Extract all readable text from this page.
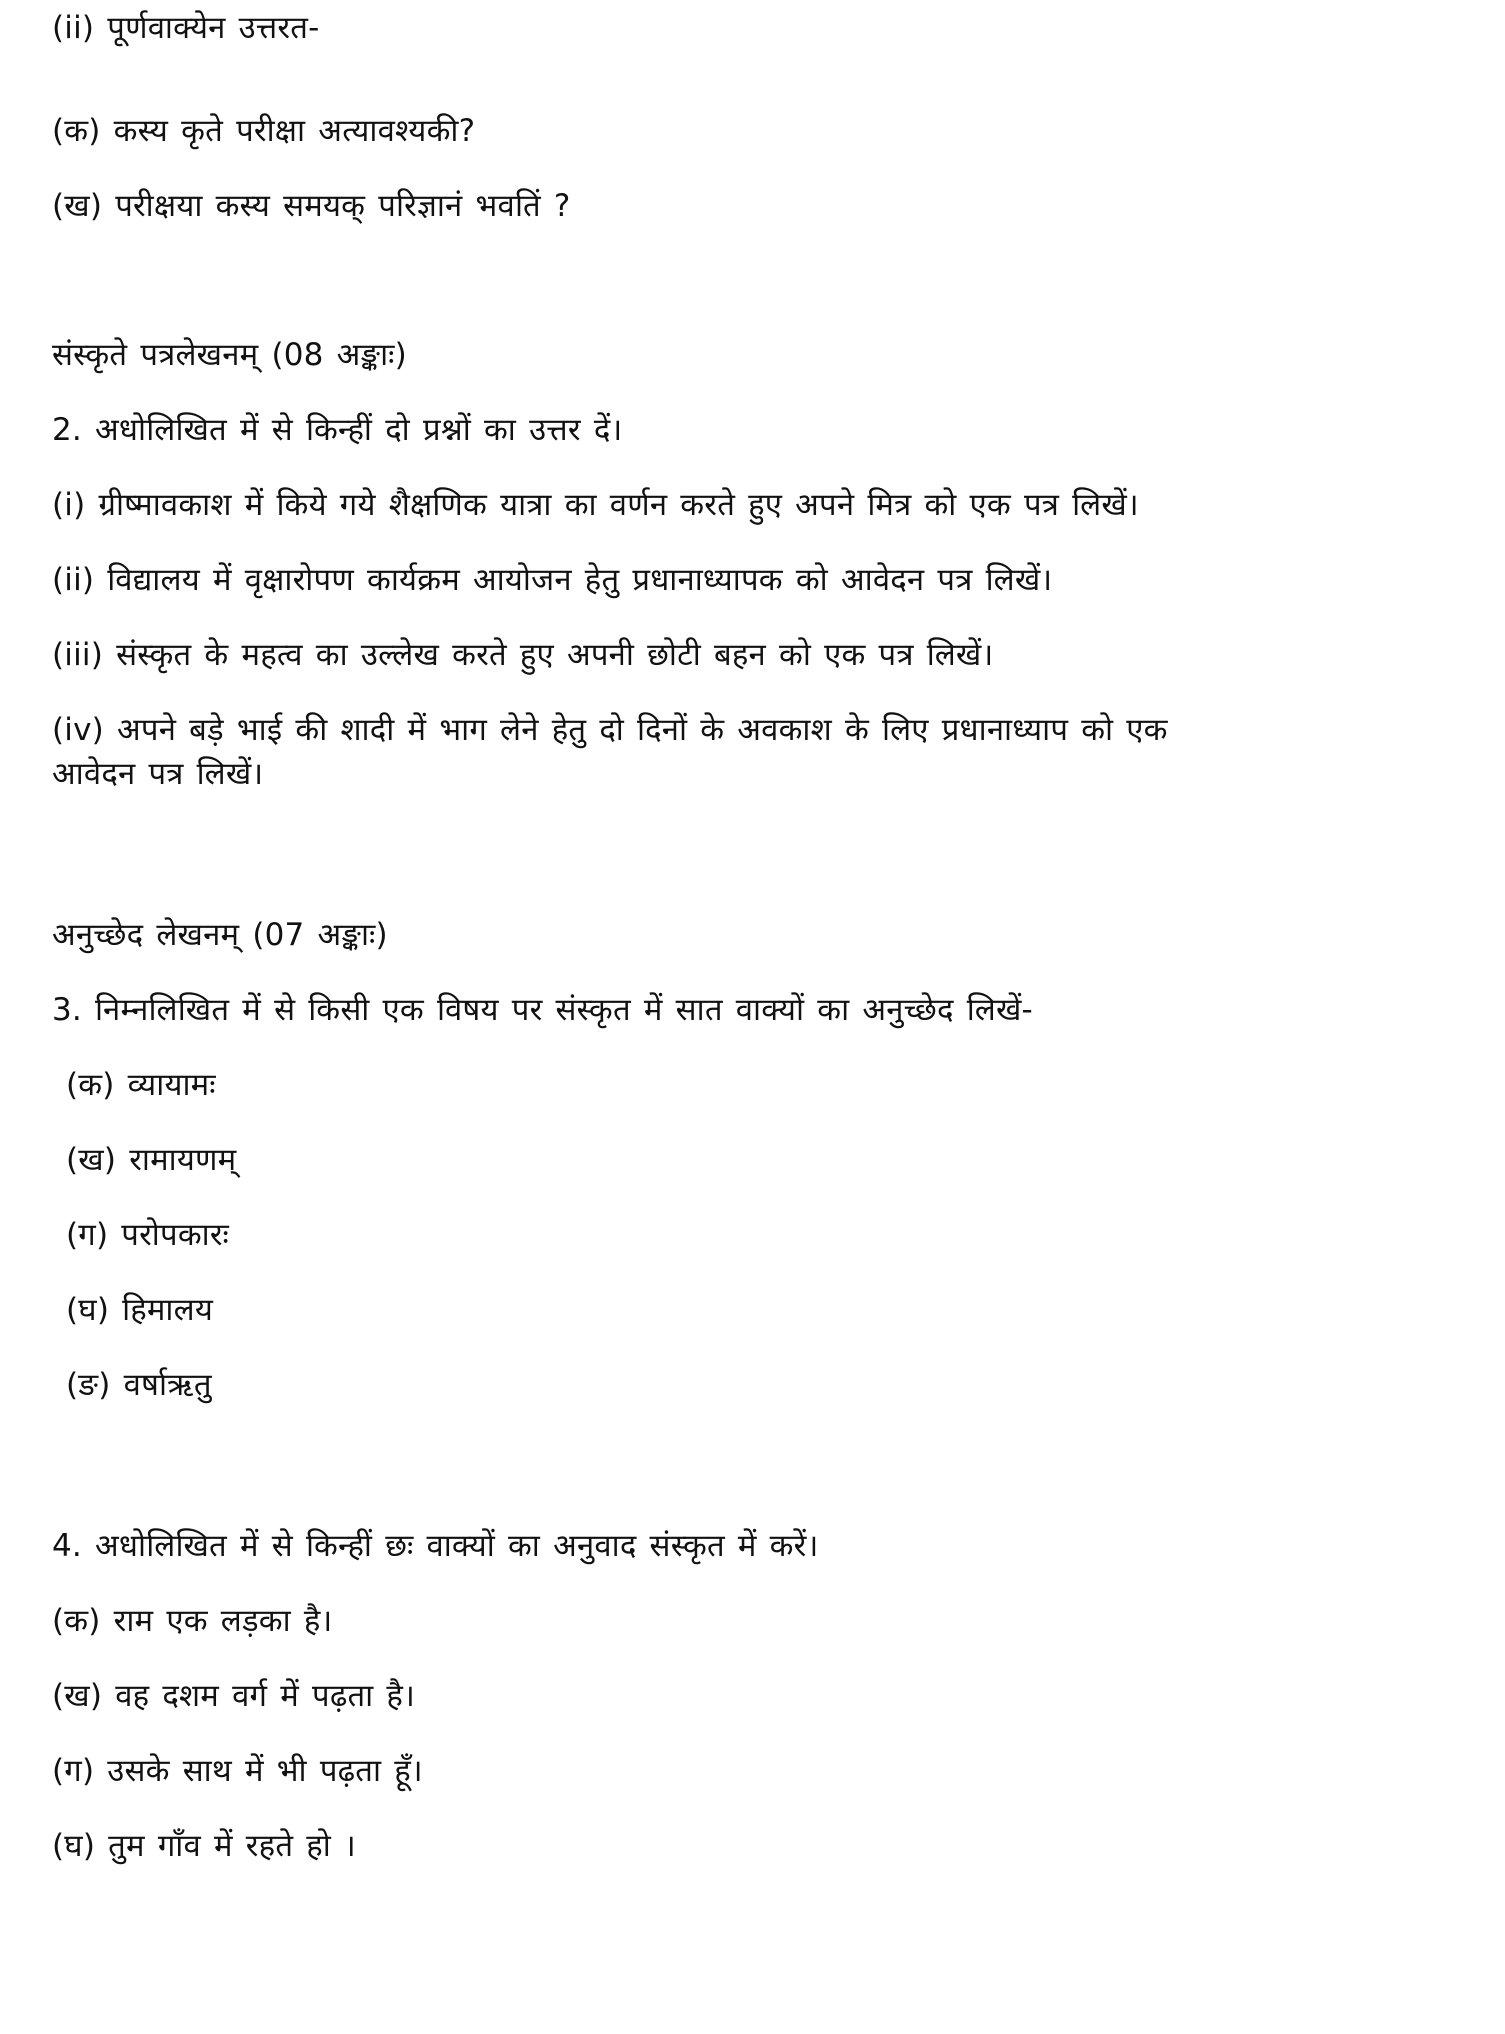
(ii) पूर्णवाक्येन उत्तरत-
(क) कस्य कृते परीक्षा अत्यावश्यकी?
(ख) परीक्षया कस्य समयक् परिज्ञानं भवतिं ?
संस्कृते पत्रलेखनम् (08 अङ्काः)
2. अधोलिखित में से किन्हीं दो प्रश्नों का उत्तर दें।
(i) ग्रीष्मावकाश में किये गये शैक्षणिक यात्रा का वर्णन करते हुए अपने मित्र को एक पत्र लिखें।
(ii) विद्यालय में वृक्षारोपण कार्यक्रम आयोजन हेतु प्रधानाध्यापक को आवेदन पत्र लिखें।
(iii) संस्कृत के महत्व का उल्लेख करते हुए अपनी छोटी बहन को एक पत्र लिखें।
(iv) अपने बड़े भाई की शादी में भाग लेने हेतु दो दिनों के अवकाश के लिए प्रधानाध्याप को एक आवेदन पत्र लिखें।
अनुच्छेद लेखनम् (07 अङ्काः)
3. निम्नलिखित में से किसी एक विषय पर संस्कृत में सात वाक्यों का अनुच्छेद लिखें-
(क) व्यायामः
(ख) रामायणम्
(ग) परोपकारः
(घ) हिमालय
(ङ) वर्षाऋतु
4. अधोलिखित में से किन्हीं छः वाक्यों का अनुवाद संस्कृत में करें।
(क) राम एक लड़का है।
(ख) वह दशम वर्ग में पढ़ता है।
(ग) उसके साथ में भी पढ़ता हूँ।
(घ) तुम गाँव में रहते हो ।
